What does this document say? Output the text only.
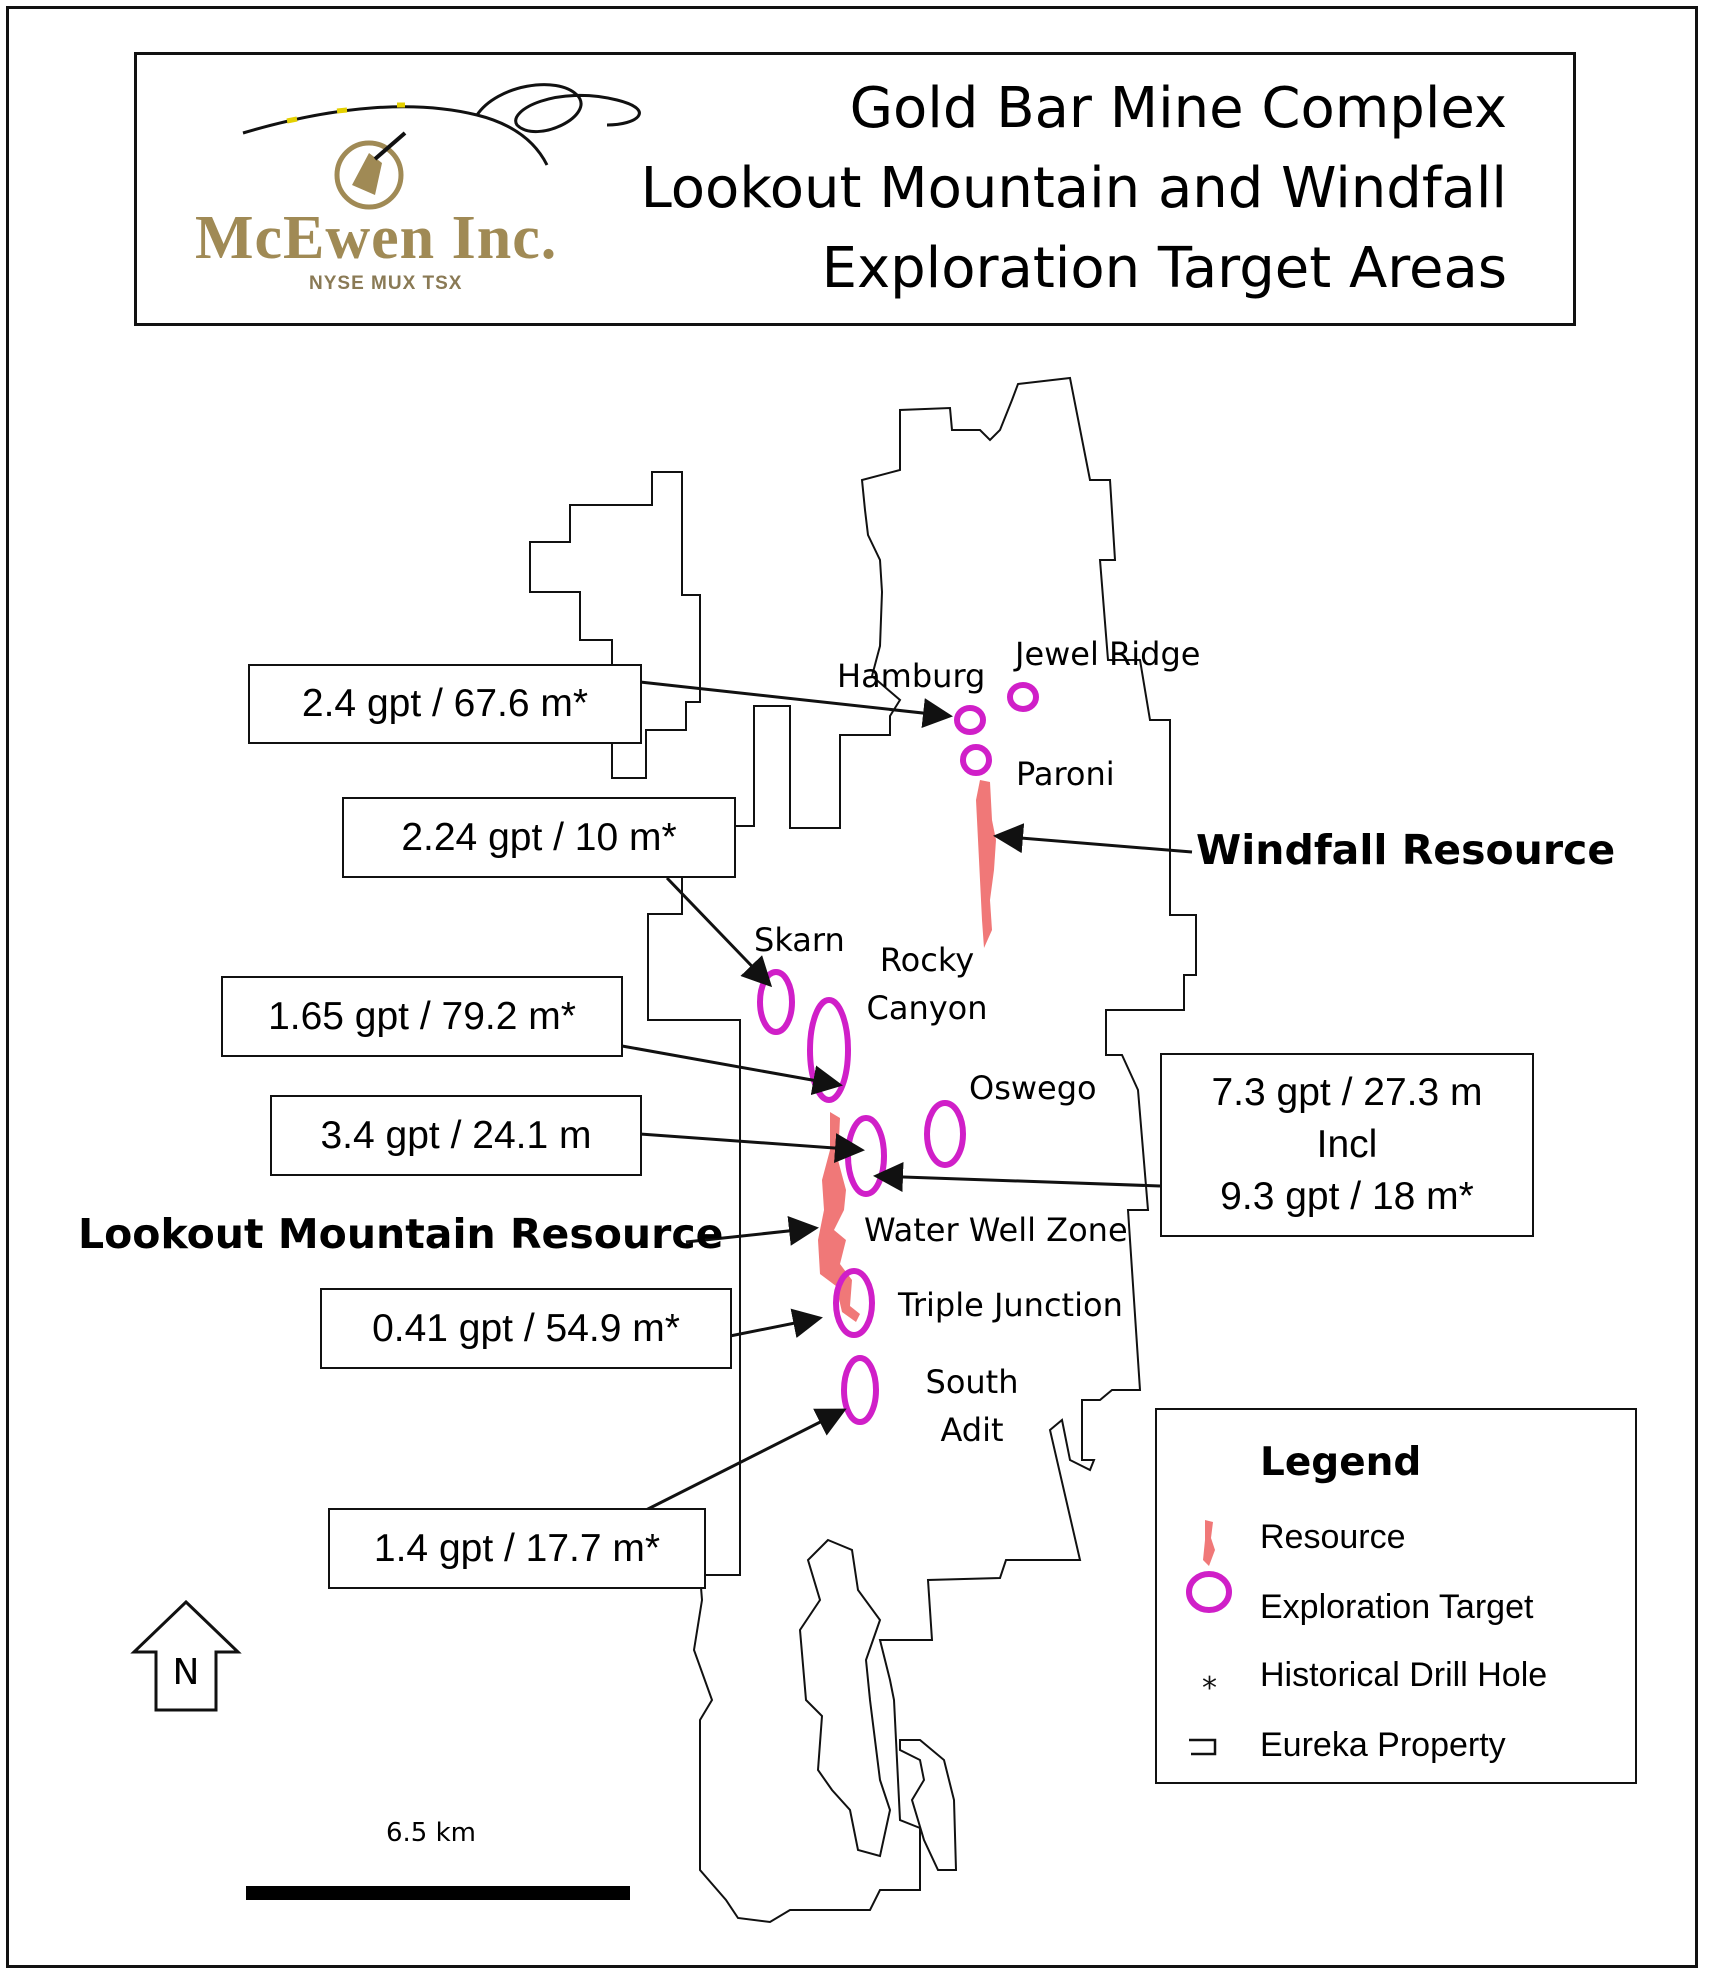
McEwen Inc.
NYSE MUX TSX
Gold Bar Mine Complex
Lookout Mountain and Windfall
Exploration Target Areas
Hamburg
Jewel Ridge
Paroni
Skarn
Rocky
Canyon
Oswego
Water Well Zone
Triple Junction
South
Adit
Windfall Resource
Lookout Mountain Resource
2.4 gpt / 67.6 m*
2.24 gpt / 10 m*
1.65 gpt / 79.2 m*
3.4 gpt / 24.1 m
7.3 gpt / 27.3 m
Incl
9.3 gpt / 18 m*
0.41 gpt / 54.9 m*
1.4 gpt / 17.7 m*
Legend
*
Resource
Exploration Target
Historical Drill Hole
Eureka Property
N
6.5 km
